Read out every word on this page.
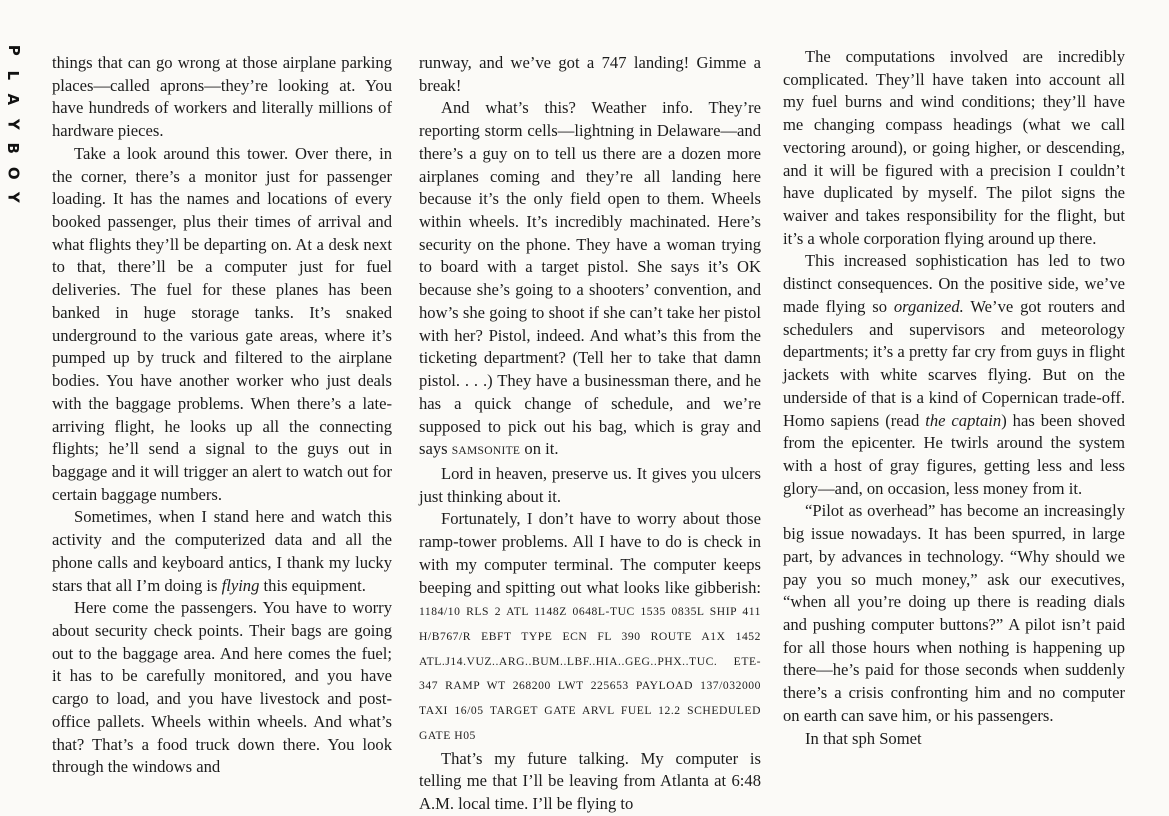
P
L
A
Y
B
O
Y

things that can go wrong at those airplane parking places—called aprons—they’re looking at. You have hundreds of workers and literally millions of hardware pieces.

Take a look around this tower. Over there, in the corner, there’s a monitor just for passenger loading. It has the names and locations of every booked passenger, plus their times of arrival and what flights they’ll be departing on. At a desk next to that, there’ll be a computer just for fuel deliveries. The fuel for these planes has been banked in huge storage tanks. It’s snaked underground to the various gate areas, where it’s pumped up by truck and filtered to the airplane bodies. You have another worker who just deals with the baggage problems. When there’s a late-arriving flight, he looks up all the connecting flights; he’ll send a signal to the guys out in baggage and it will trigger an alert to watch out for certain baggage numbers.

Sometimes, when I stand here and watch this activity and the computerized data and all the phone calls and keyboard antics, I thank my lucky stars that all I’m doing is flying this equipment.

Here come the passengers. You have to worry about security check points. Their bags are going out to the baggage area. And here comes the fuel; it has to be carefully monitored, and you have cargo to load, and you have livestock and post-office pallets. Wheels within wheels. And what’s that? That’s a food truck down there. You look through the windows and

runway, and we’ve got a 747 landing! Gimme a break!

And what’s this? Weather info. They’re reporting storm cells—lightning in Delaware—and there’s a guy on to tell us there are a dozen more airplanes coming and they’re all landing here because it’s the only field open to them. Wheels within wheels. It’s incredibly machinated. Here’s security on the phone. They have a woman trying to board with a target pistol. She says it’s OK because she’s going to a shooters’ convention, and how’s she going to shoot if she can’t take her pistol with her? Pistol, indeed. And what’s this from the ticketing department? (Tell her to take that damn pistol. . . .) They have a businessman there, and he has a quick change of schedule, and we’re supposed to pick out his bag, which is gray and says SAMSONITE on it.

Lord in heaven, preserve us. It gives you ulcers just thinking about it.

Fortunately, I don’t have to worry about those ramp-tower problems. All I have to do is check in with my computer terminal. The computer keeps beeping and spitting out what looks like gibberish: 1184/10 RLS 2 ATL 1148Z 0648L-TUC 1535 0835L SHIP 411 H/B767/R EBFT TYPE ECN FL 390 ROUTE A1X 1452 ATL.J14.VUZ..ARG..BUM..LBF..HIA..GEG..PHX..TUC. ETE-347 RAMP WT 268200 LWT 225653 PAYLOAD 137/032000 TAXI 16/05 TARGET GATE ARVL FUEL 12.2 SCHEDULED GATE H05

That’s my future talking. My computer is telling me that I’ll be leaving from Atlanta at 6:48 A.M. local time. I’ll be flying to

The computations involved are incredibly complicated. They’ll have taken into account all my fuel burns and wind conditions; they’ll have me changing compass headings (what we call vectoring around), or going higher, or descending, and it will be figured with a precision I couldn’t have duplicated by myself. The pilot signs the waiver and takes responsibility for the flight, but it’s a whole corporation flying around up there.

This increased sophistication has led to two distinct consequences. On the positive side, we’ve made flying so organized. We’ve got routers and schedulers and supervisors and meteorology departments; it’s a pretty far cry from guys in flight jackets with white scarves flying. But on the underside of that is a kind of Copernican trade-off. Homo sapiens (read the captain) has been shoved from the epicenter. He twirls around the system with a host of gray figures, getting less and less glory—and, on occasion, less money from it.

“Pilot as overhead” has become an increasingly big issue nowadays. It has been spurred, in large part, by advances in technology. “Why should we pay you so much money,” ask our executives, “when all you’re doing up there is reading dials and pushing computer buttons?” A pilot isn’t paid for all those hours when nothing is happening up there—he’s paid for those seconds when suddenly there’s a crisis confronting him and no computer on earth can save him, or his passengers.

In that sph Somet
